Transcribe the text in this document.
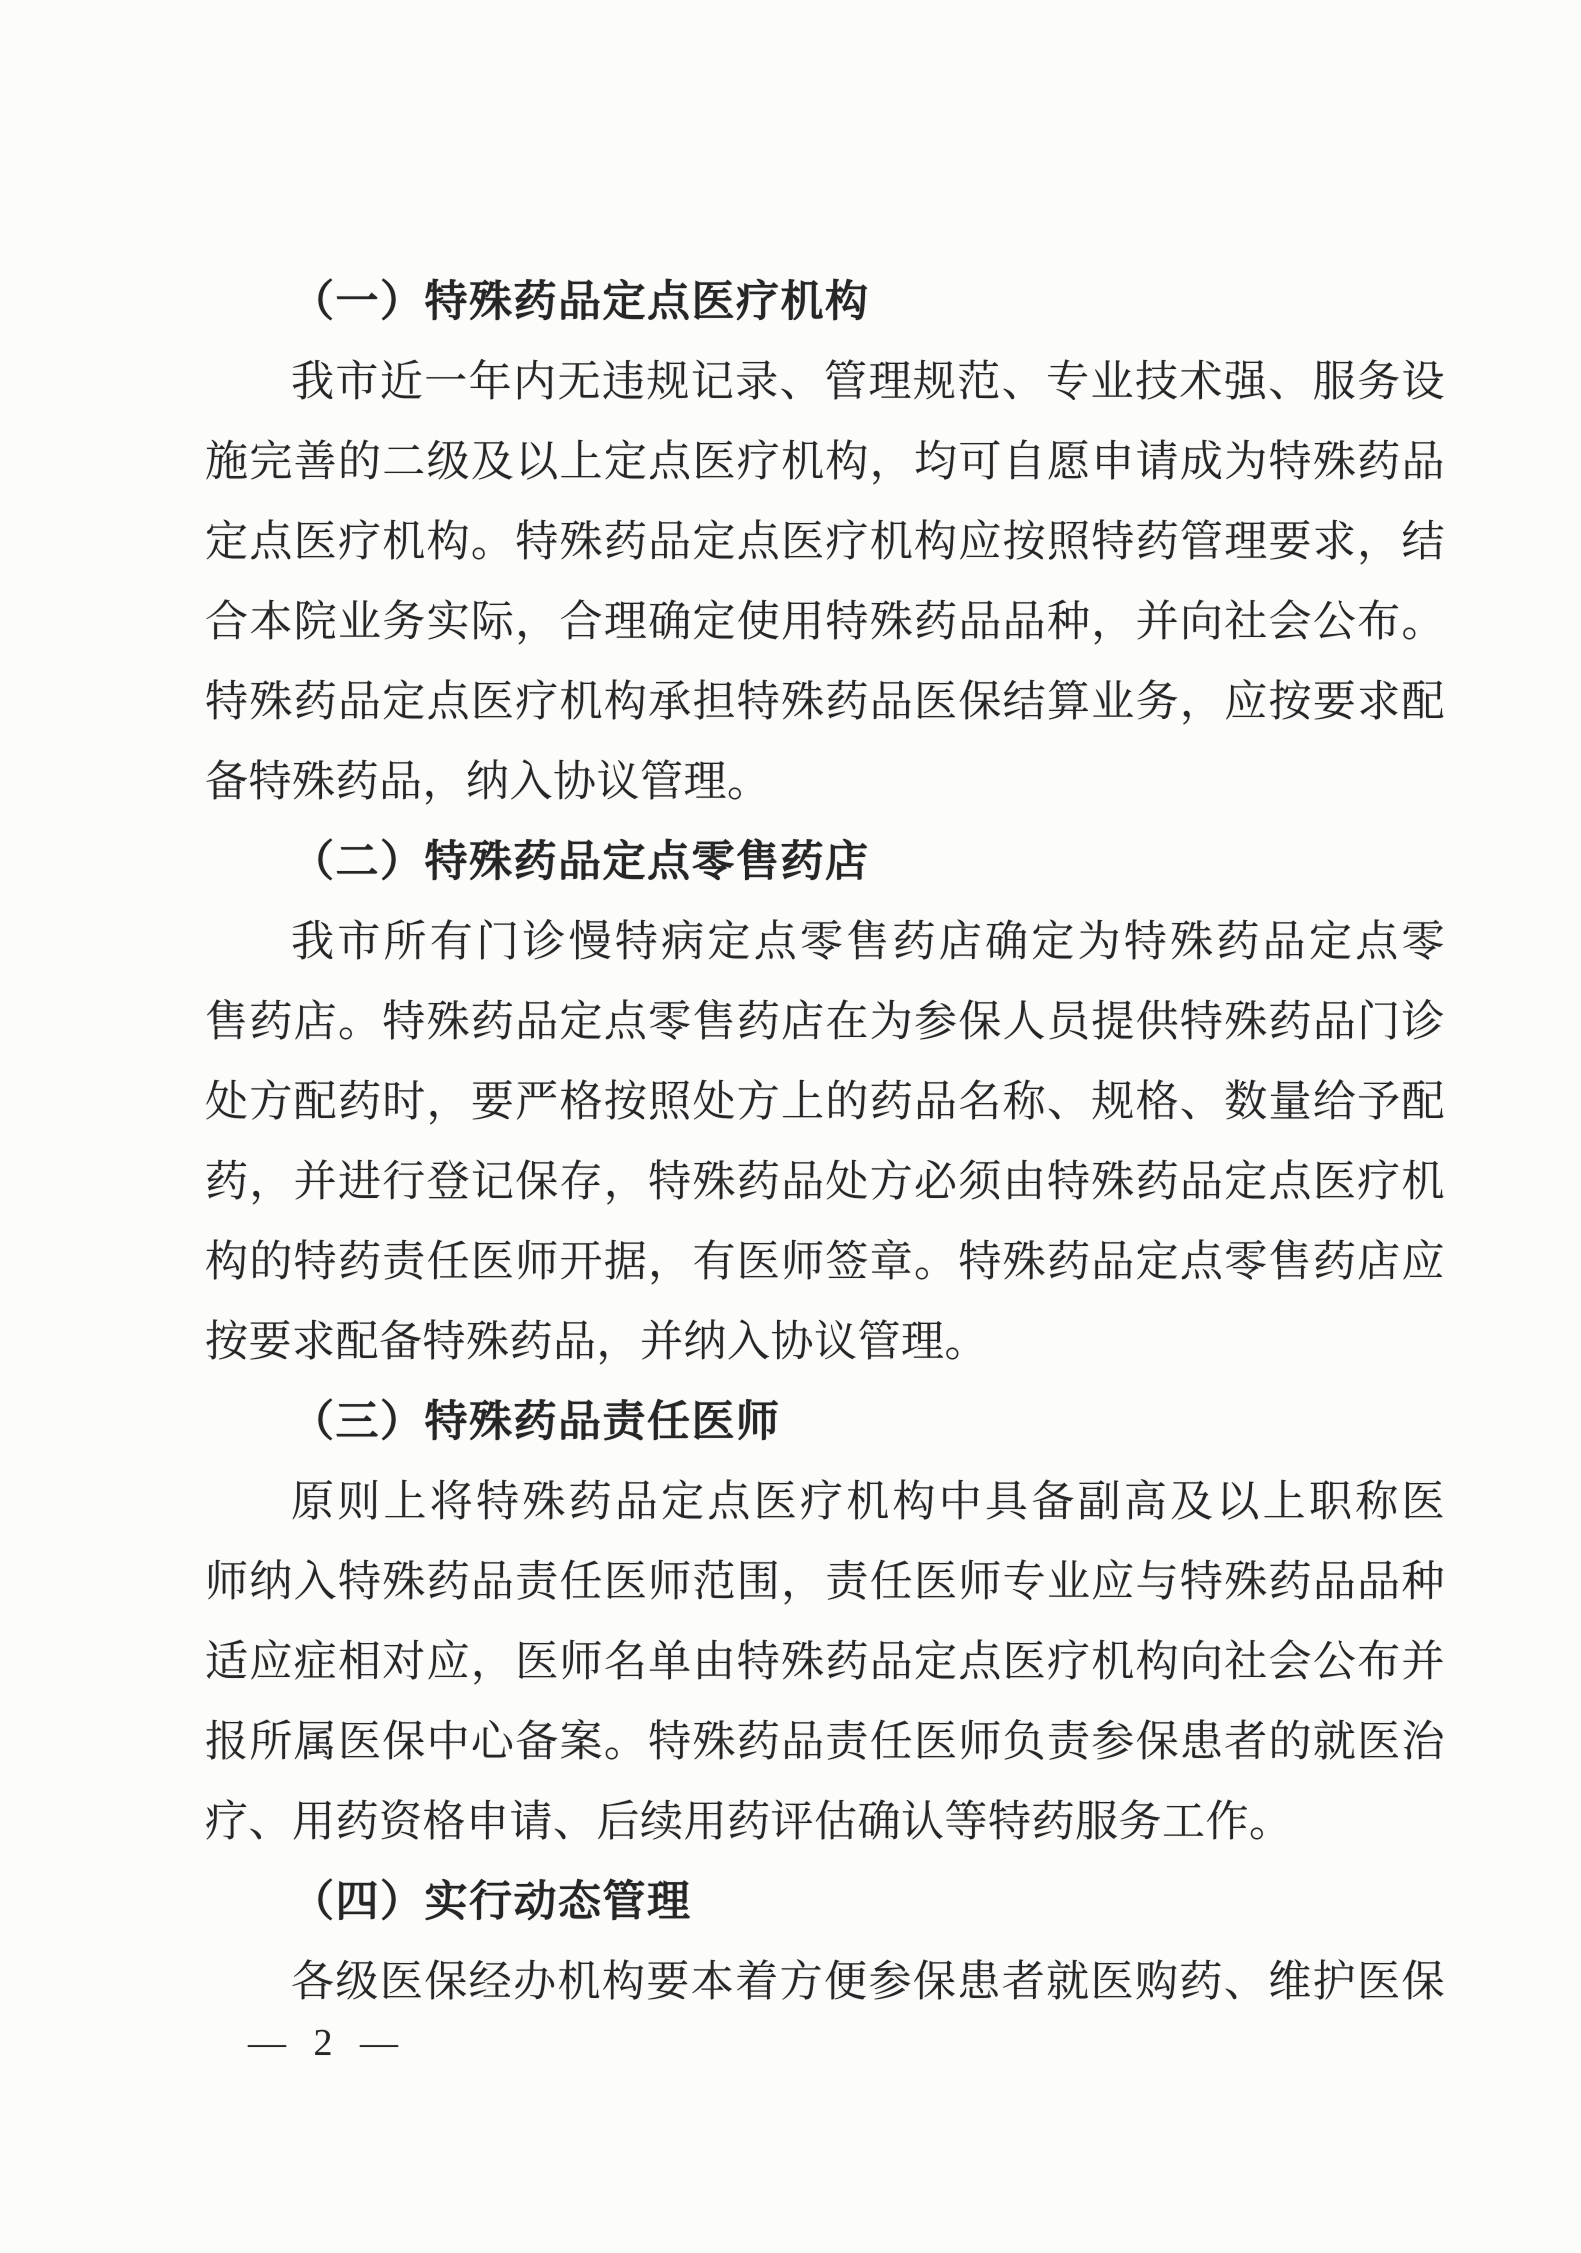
（一）特殊药品定点医疗机构
我市近一年内无违规记录、管理规范、专业技术强、服务设
施完善的二级及以上定点医疗机构，均可自愿申请成为特殊药品
定点医疗机构。特殊药品定点医疗机构应按照特药管理要求，结
合本院业务实际，合理确定使用特殊药品品种，并向社会公布。
特殊药品定点医疗机构承担特殊药品医保结算业务，应按要求配
备特殊药品，纳入协议管理。
（二）特殊药品定点零售药店
我市所有门诊慢特病定点零售药店确定为特殊药品定点零
售药店。特殊药品定点零售药店在为参保人员提供特殊药品门诊
处方配药时，要严格按照处方上的药品名称、规格、数量给予配
药，并进行登记保存，特殊药品处方必须由特殊药品定点医疗机
构的特药责任医师开据，有医师签章。特殊药品定点零售药店应
按要求配备特殊药品，并纳入协议管理。
（三）特殊药品责任医师
原则上将特殊药品定点医疗机构中具备副高及以上职称医
师纳入特殊药品责任医师范围，责任医师专业应与特殊药品品种
适应症相对应，医师名单由特殊药品定点医疗机构向社会公布并
报所属医保中心备案。特殊药品责任医师负责参保患者的就医治
疗、用药资格申请、后续用药评估确认等特药服务工作。
（四）实行动态管理
各级医保经办机构要本着方便参保患者就医购药、维护医保
— 2 —
